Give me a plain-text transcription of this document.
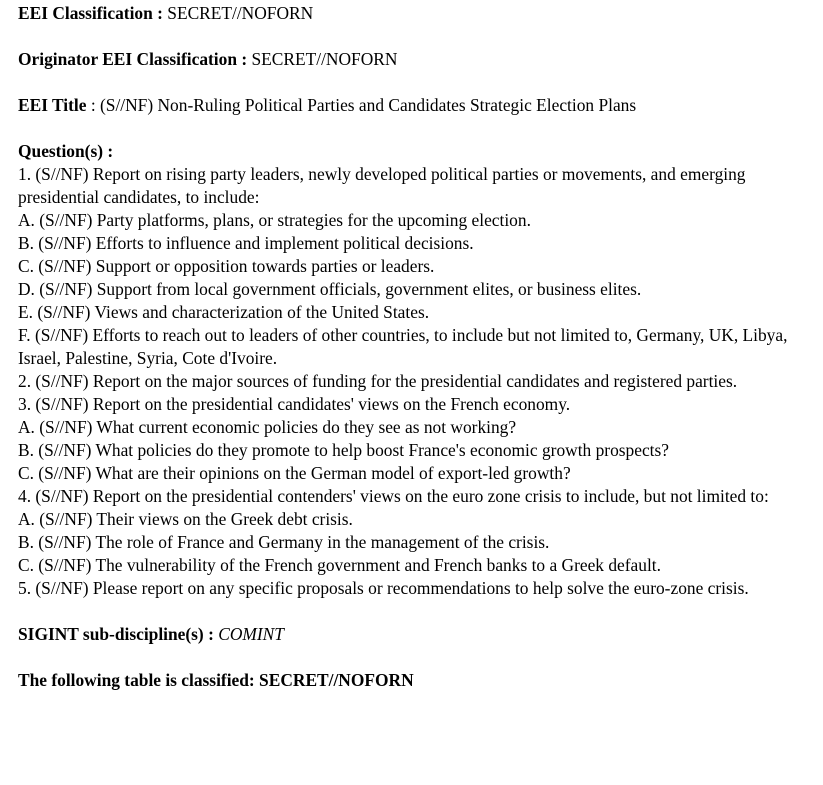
EEI Classification : SECRET//NOFORN
Originator EEI Classification : SECRET//NOFORN
EEI Title : (S//NF) Non-Ruling Political Parties and Candidates Strategic Election Plans
Question(s) :
1. (S//NF) Report on rising party leaders, newly developed political parties or movements, and emerging presidential candidates, to include:
A. (S//NF) Party platforms, plans, or strategies for the upcoming election.
B. (S//NF) Efforts to influence and implement political decisions.
C. (S//NF) Support or opposition towards parties or leaders.
D. (S//NF) Support from local government officials, government elites, or business elites.
E. (S//NF) Views and characterization of the United States.
F. (S//NF) Efforts to reach out to leaders of other countries, to include but not limited to, Germany, UK, Libya, Israel, Palestine, Syria, Cote d'Ivoire.
2. (S//NF) Report on the major sources of funding for the presidential candidates and registered parties.
3. (S//NF) Report on the presidential candidates' views on the French economy.
A. (S//NF) What current economic policies do they see as not working?
B. (S//NF) What policies do they promote to help boost France's economic growth prospects?
C. (S//NF) What are their opinions on the German model of export-led growth?
4. (S//NF) Report on the presidential contenders' views on the euro zone crisis to include, but not limited to:
A. (S//NF) Their views on the Greek debt crisis.
B. (S//NF) The role of France and Germany in the management of the crisis.
C. (S//NF) The vulnerability of the French government and French banks to a Greek default.
5. (S//NF) Please report on any specific proposals or recommendations to help solve the euro-zone crisis.
SIGINT sub-discipline(s) : COMINT
The following table is classified: SECRET//NOFORN
